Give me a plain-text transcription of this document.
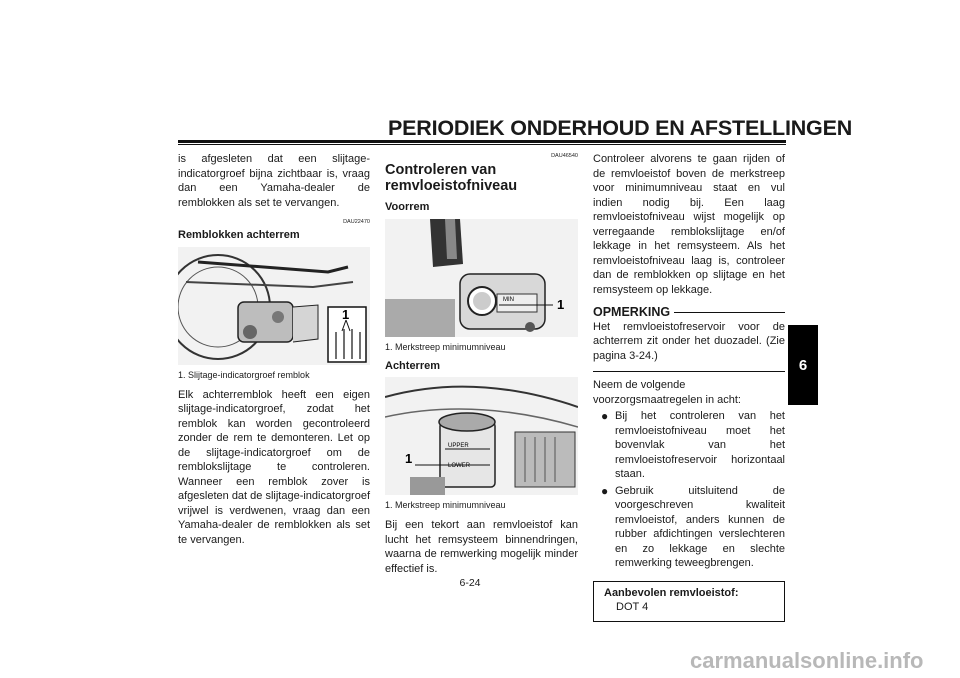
PERIODIEK ONDERHOUD EN AFSTELLINGEN
6

is afgesleten dat een slijtage-indicatorgroef bijna zichtbaar is, vraag dan een Yamaha-dealer de remblokken als set te vervangen.

DAU22470
Remblokken achterrem
1
1. Slijtage-indicatorgroef remblok

Elk achterremblok heeft een eigen slijtage-indicatorgroef, zodat het remblok kan worden gecontroleerd zonder de rem te demonteren. Let op de slijtage-indicatorgroef om de remblokslijtage te controleren. Wanneer een remblok zover is afgesleten dat de slijtage-indicatorgroef vrijwel is verdwenen, vraag dan een Yamaha-dealer de remblokken als set te vervangen.

DAU46540
Controleren van remvloeistofniveau
Voorrem
MIN	1
1. Merkstreep minimumniveau
Achterrem
UPPER
LOWER
1
1. Merkstreep minimumniveau

Bij een tekort aan remvloeistof kan lucht het remsysteem binnendringen, waarna de remwerking mogelijk minder effectief is.

Controleer alvorens te gaan rijden of de remvloeistof boven de merkstreep voor minimumniveau staat en vul indien nodig bij. Een laag remvloeistofniveau wijst mogelijk op verregaande remblokslijtage en/of lekkage in het remsysteem. Als het remvloeistofniveau laag is, controleer dan de remblokken op slijtage en het remsysteem op lekkage.

OPMERKING

Het remvloeistofreservoir voor de achterrem zit onder het duozadel. (Zie pagina 3-24.)

Neem de volgende voorzorgsmaatregelen in acht:

● Bij het controleren van het remvloeistofniveau moet het bovenvlak van het remvloeistofreservoir horizontaal staan.
● Gebruik uitsluitend de voorgeschreven kwaliteit remvloeistof, anders kunnen de rubber afdichtingen verslechteren en zo lekkage en slechte remwerking teweegbrengen.
Aanbevolen remvloeistof:
DOT 4
6-24
carmanualsonline.info
